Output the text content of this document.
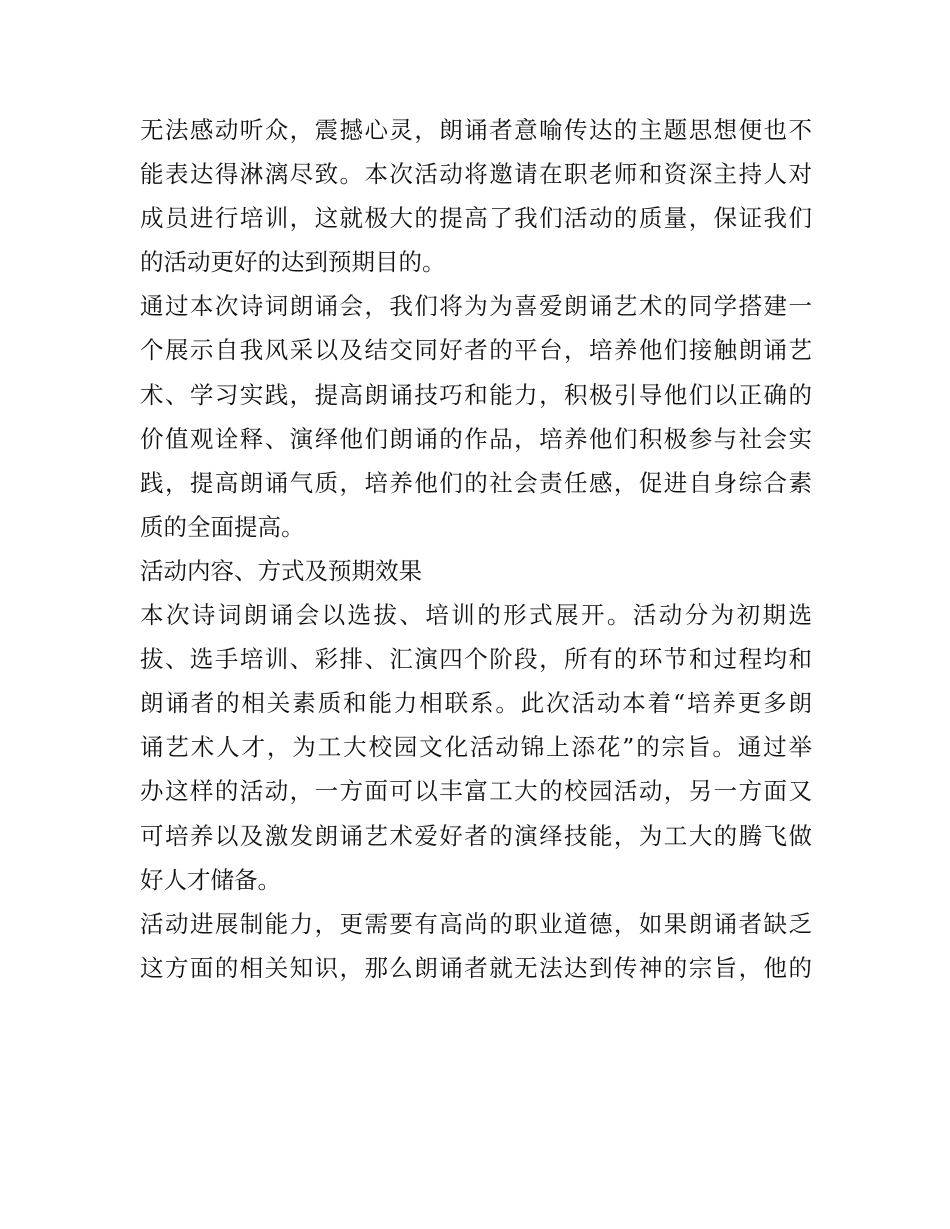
无法感动听众，震撼心灵，朗诵者意喻传达的主题思想便也不
能表达得淋漓尽致。本次活动将邀请在职老师和资深主持人对
成员进行培训，这就极大的提高了我们活动的质量，保证我们
的活动更好的达到预期目的。
通过本次诗词朗诵会，我们将为为喜爱朗诵艺术的同学搭建一
个展示自我风采以及结交同好者的平台，培养他们接触朗诵艺
术、学习实践，提高朗诵技巧和能力，积极引导他们以正确的
价值观诠释、演绎他们朗诵的作品，培养他们积极参与社会实
践，提高朗诵气质，培养他们的社会责任感，促进自身综合素
质的全面提高。
活动内容、方式及预期效果
本次诗词朗诵会以选拔、培训的形式展开。活动分为初期选
拔、选手培训、彩排、汇演四个阶段，所有的环节和过程均和
朗诵者的相关素质和能力相联系。此次活动本着“培养更多朗
诵艺术人才，为工大校园文化活动锦上添花”的宗旨。通过举
办这样的活动，一方面可以丰富工大的校园活动，另一方面又
可培养以及激发朗诵艺术爱好者的演绎技能，为工大的腾飞做
好人才储备。
活动进展制能力，更需要有高尚的职业道德，如果朗诵者缺乏
这方面的相关知识，那么朗诵者就无法达到传神的宗旨，他的
